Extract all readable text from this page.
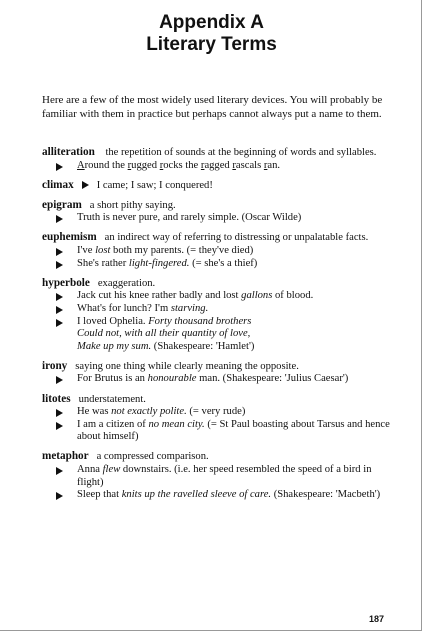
Appendix A
Literary Terms

Here are a few of the most widely used literary devices. You will probably be familiar with them in practice but perhaps cannot always put a name to them.

alliteration the repetition of sounds at the beginning of words and syllables.
Around the rugged rocks the ragged rascals ran.
climax I came; I saw; I conquered!
epigram a short pithy saying.
Truth is never pure, and rarely simple. (Oscar Wilde)
euphemism an indirect way of referring to distressing or unpalatable facts.
I've lost both my parents. (= they've died)
She's rather light-fingered. (= she's a thief)
hyperbole exaggeration.
Jack cut his knee rather badly and lost gallons of blood.
What's for lunch? I'm starving.
I loved Ophelia. Forty thousand brothers
Could not, with all their quantity of love,
Make up my sum. (Shakespeare: 'Hamlet')
irony saying one thing while clearly meaning the opposite.
For Brutus is an honourable man. (Shakespeare: 'Julius Caesar')
litotes understatement.
He was not exactly polite. (= very rude)
I am a citizen of no mean city. (= St Paul boasting about Tarsus and hence about himself)
metaphor a compressed comparison.
Anna flew downstairs. (i.e. her speed resembled the speed of a bird in flight)
Sleep that knits up the ravelled sleeve of care. (Shakespeare: 'Macbeth')
187
